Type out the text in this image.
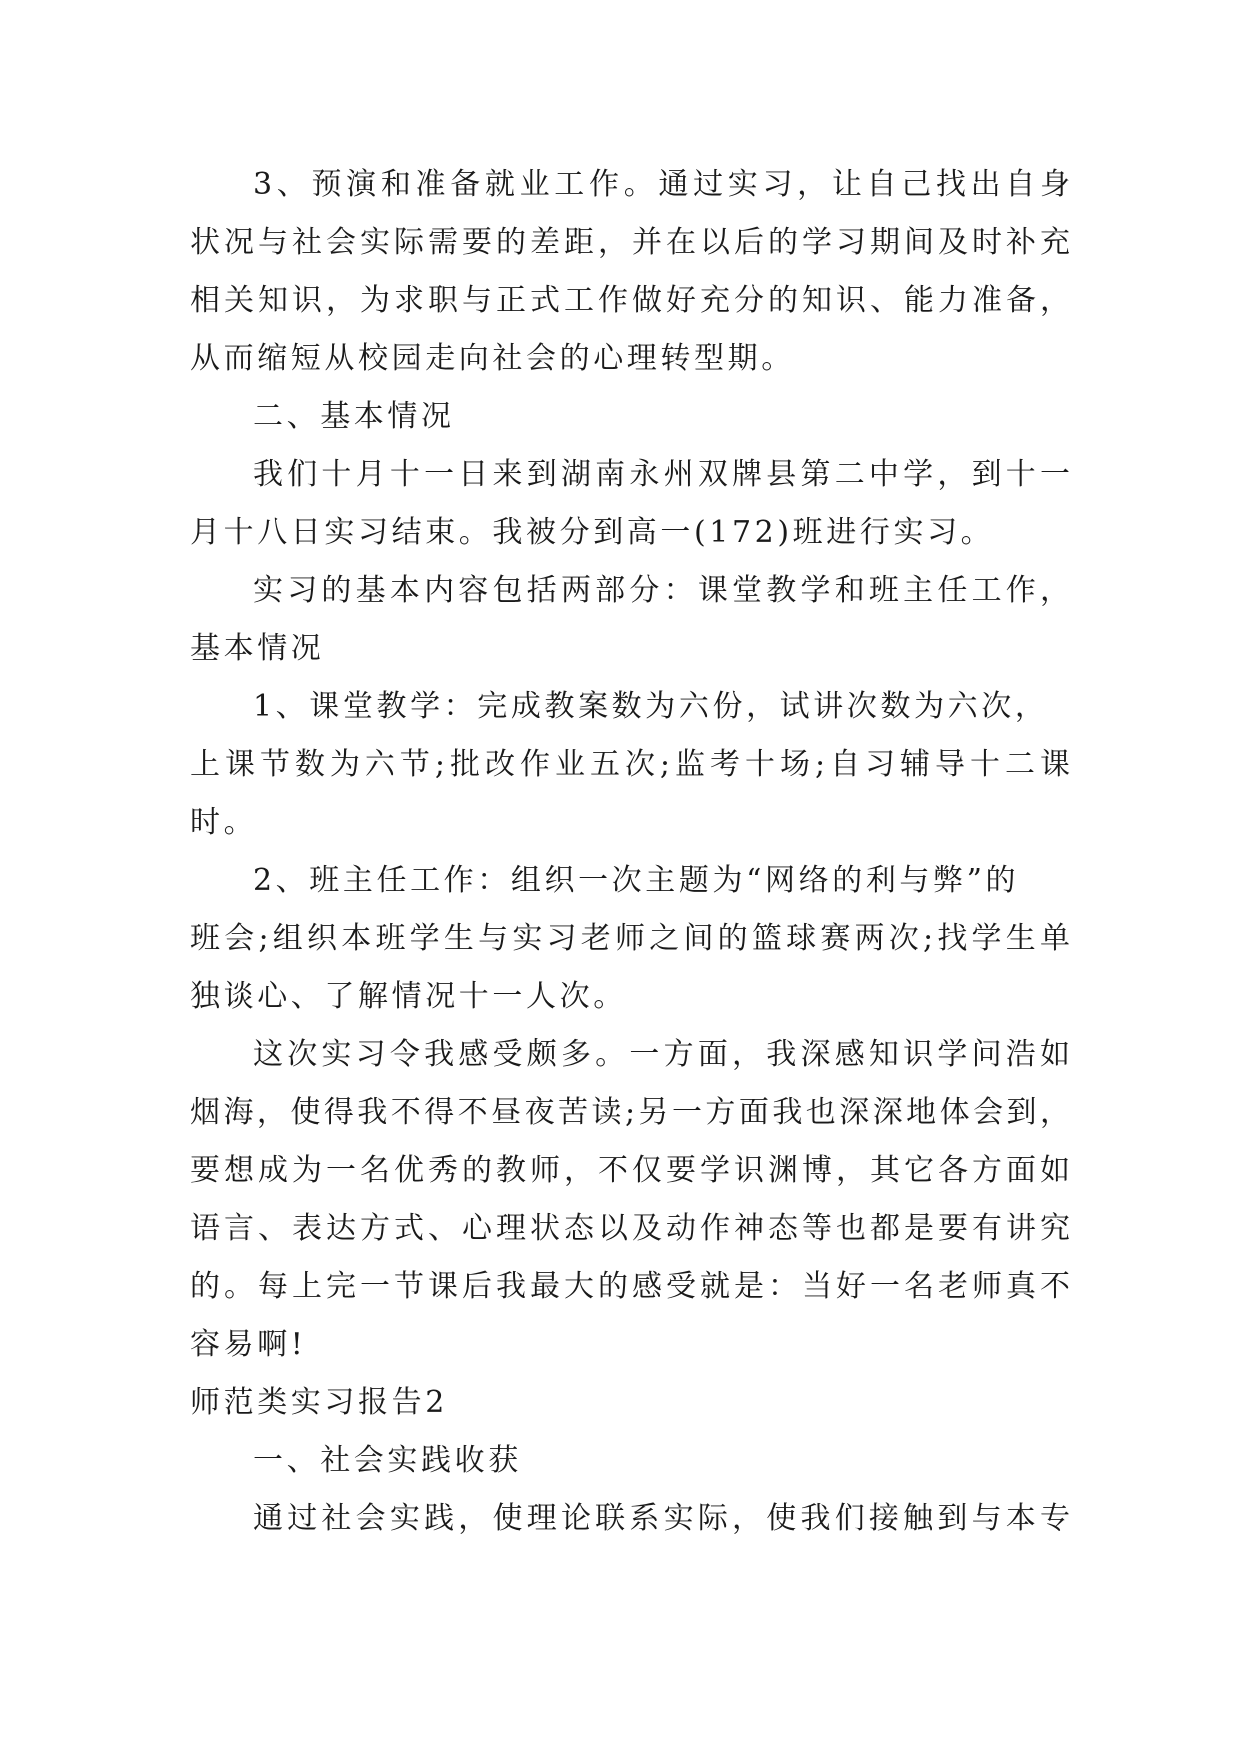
3、预演和准备就业工作。通过实习，让自己找出自身
状况与社会实际需要的差距，并在以后的学习期间及时补充
相关知识，为求职与正式工作做好充分的知识、能力准备，
从而缩短从校园走向社会的心理转型期。
二、基本情况
我们十月十一日来到湖南永州双牌县第二中学，到十一
月十八日实习结束。我被分到高一(172)班进行实习。
实习的基本内容包括两部分：课堂教学和班主任工作，
基本情况
1、课堂教学：完成教案数为六份，试讲次数为六次，
上课节数为六节;批改作业五次;监考十场;自习辅导十二课
时。
2、班主任工作：组织一次主题为“网络的利与弊”的
班会;组织本班学生与实习老师之间的篮球赛两次;找学生单
独谈心、了解情况十一人次。
这次实习令我感受颇多。一方面，我深感知识学问浩如
烟海，使得我不得不昼夜苦读;另一方面我也深深地体会到，
要想成为一名优秀的教师，不仅要学识渊博，其它各方面如
语言、表达方式、心理状态以及动作神态等也都是要有讲究
的。每上完一节课后我最大的感受就是：当好一名老师真不
容易啊!
师范类实习报告2
一、社会实践收获
通过社会实践，使理论联系实际，使我们接触到与本专
